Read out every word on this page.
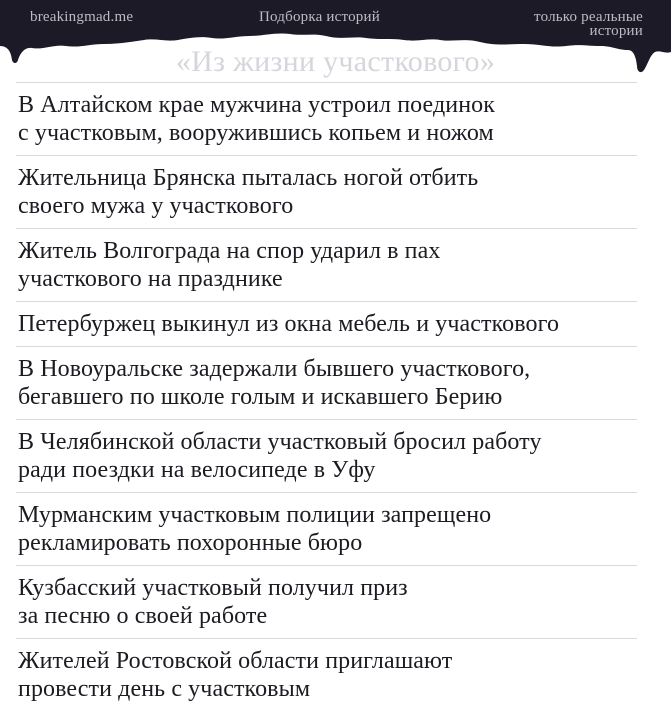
breakingmad.me	Подборка историй	только реальные истории
«Из жизни участкового»
В Алтайском крае мужчина устроил поединок
с участковым, вооружившись копьем и ножом
Жительница Брянска пыталась ногой отбить
своего мужа у участкового
Житель Волгограда на спор ударил в пах
участкового на празднике
Петербуржец выкинул из окна мебель и участкового
В Новоуральске задержали бывшего участкового,
бегавшего по школе голым и искавшего Берию
В Челябинской области участковый бросил работу
ради поездки на велосипеде в Уфу
Мурманским участковым полиции запрещено
рекламировать похоронные бюро
Кузбасский участковый получил приз
за песню о своей работе
Жителей Ростовской области приглашают
провести день с участковым
